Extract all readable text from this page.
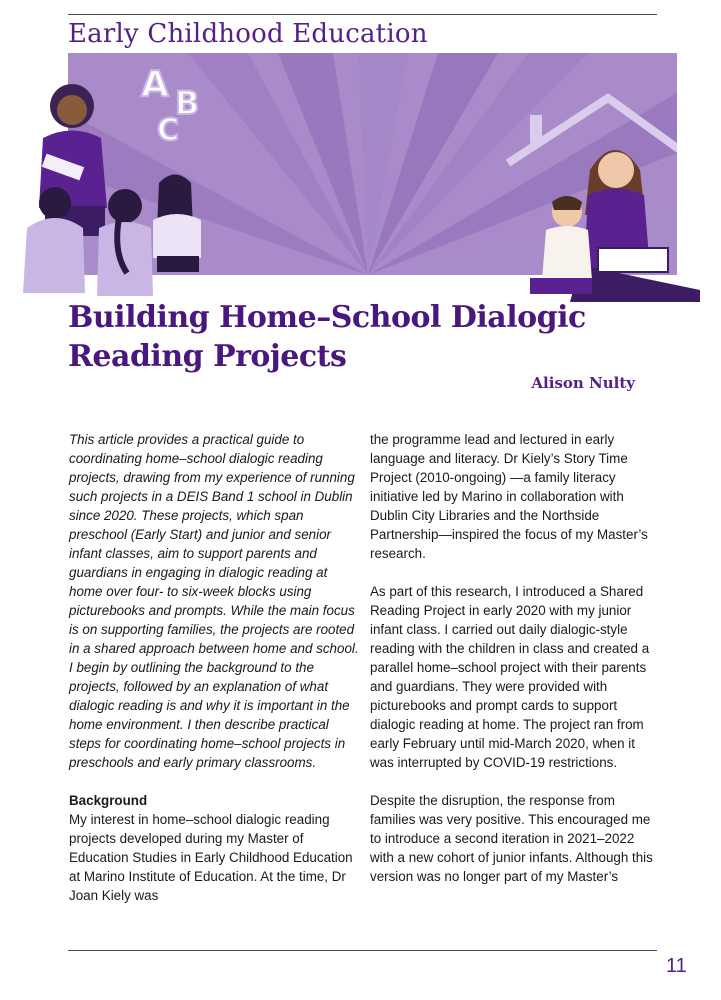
Early Childhood Education
A B
C
Building Home–School Dialogic Reading Projects
Alison Nulty

This article provides a practical guide to coordinating home–school dialogic reading projects, drawing from my experience of running such projects in a DEIS Band 1 school in Dublin since 2020. These projects, which span preschool (Early Start) and junior and senior infant classes, aim to support parents and guardians in engaging in dialogic reading at home over four- to six-week blocks using picturebooks and prompts. While the main focus is on supporting families, the projects are rooted in a shared approach between home and school. I begin by outlining the background to the projects, followed by an explanation of what dialogic reading is and why it is important in the home environment. I then describe practical steps for coordinating home–school projects in preschools and early primary classrooms.

Background

My interest in home–school dialogic reading projects developed during my Master of Education Studies in Early Childhood Education at Marino Institute of Education. At the time, Dr Joan Kiely was

the programme lead and lectured in early language and literacy. Dr Kiely’s Story Time Project (2010-ongoing) —a family literacy initiative led by Marino in collaboration with Dublin City Libraries and the Northside Partnership—inspired the focus of my Master’s research.

As part of this research, I introduced a Shared Reading Project in early 2020 with my junior infant class. I carried out daily dialogic-style reading with the children in class and created a parallel home–school project with their parents and guardians. They were provided with picturebooks and prompt cards to support dialogic reading at home. The project ran from early February until mid-March 2020, when it was interrupted by COVID-19 restrictions.

Despite the disruption, the response from families was very positive. This encouraged me to introduce a second iteration in 2021–2022 with a new cohort of junior infants. Although this version was no longer part of my Master’s

11
